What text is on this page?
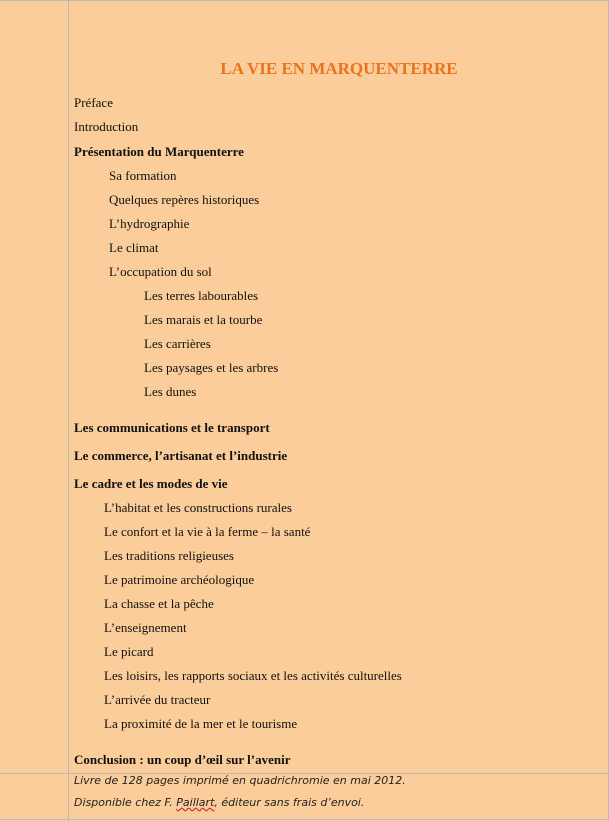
LA VIE EN MARQUENTERRE
Préface
Introduction
Présentation du Marquenterre
Sa formation
Quelques repères historiques
L’hydrographie
Le climat
L’occupation du sol
Les terres labourables
Les marais et la tourbe
Les carrières
Les paysages et les arbres
Les dunes
Les communications et le transport
Le commerce, l’artisanat et l’industrie
Le cadre et les modes de vie
L’habitat et les constructions rurales
Le confort et la vie à la ferme – la santé
Les traditions religieuses
Le patrimoine archéologique
La chasse et la pêche
L’enseignement
Le picard
Les loisirs, les rapports sociaux et les activités culturelles
L’arrivée du tracteur
La proximité de la mer et le tourisme
Conclusion : un coup d’œil sur l’avenir
Livre de 128 pages imprimé en quadrichromie en mai 2012.
Disponible chez F. Paillart, éditeur sans frais d’envoi.
